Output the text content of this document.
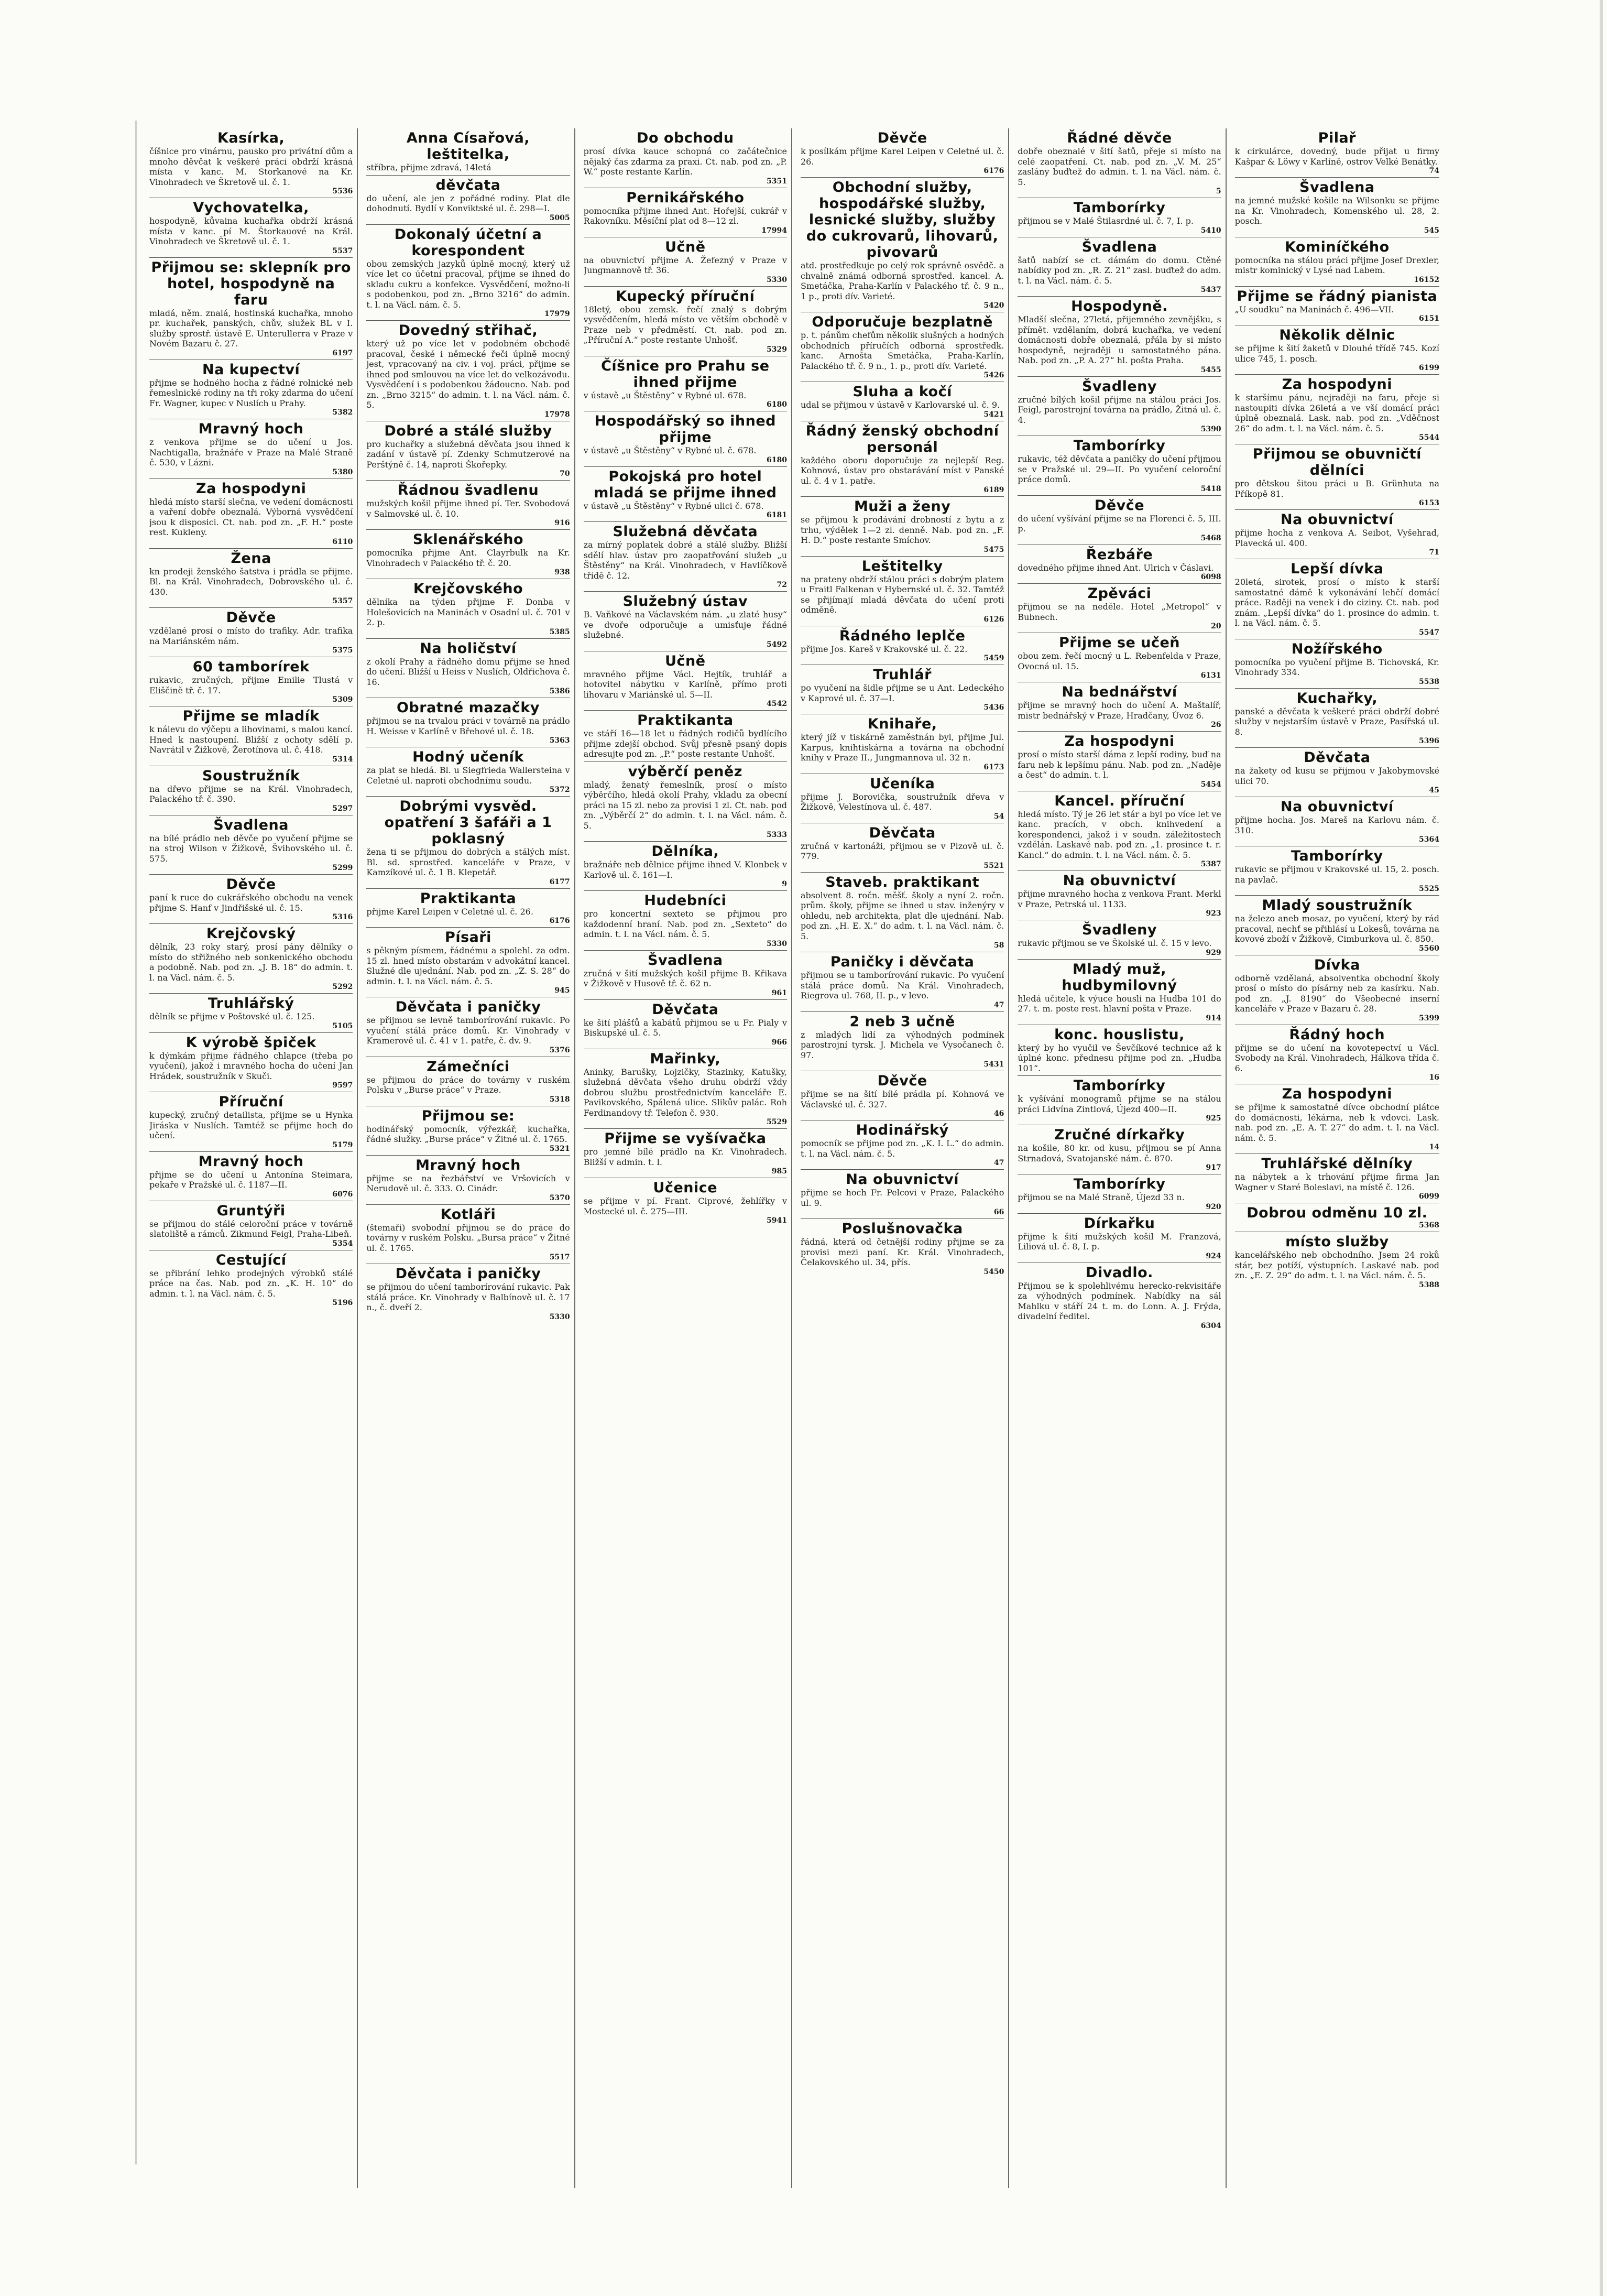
Kasírka,
číšnice pro vinárnu, pausko pro privátní dům a mnoho děvčat k veškeré práci obdrží krásná místa v kanc. M. Storkanové na Kr. Vinohradech ve Škretově ul. č. 1.
5536
Vychovatelka,
hospodyně, kůvaina kuchařka obdrží krásná místa v kanc. pí M. Štorkauové na Král. Vinohradech ve Škretově ul. č. 1.
5537
Přijmou se: sklepník pro hotel, hospodyně na faru
mladá, něm. znalá, hostinská kuchařka, mnoho pr. kuchařek, panských, chův, služek BL v I. služby sprostř. ústavě E. Unterullerra v Praze v Novém Bazaru č. 27.
6197
Na kupectví
přijme se hodného hocha z řádné rolnické neb řemeslnické rodiny na tři roky zdarma do učení Fr. Wagner, kupec v Nuslích u Prahy.
5382
Mravný hoch
z venkova přijme se do učení u Jos. Nachtigalla, bražnáře v Praze na Malé Straně č. 530, v Lázni.
5380
Za hospodyni
hledá místo starší slečna, ve vedení domácnosti a vaření dobře obeznalá. Výborná vysvědčení jsou k disposici. Ct. nab. pod zn. „F. H.“ poste rest. Kukleny.
6110
Žena
kn prodeji ženského šatstva i prádla se přijme. Bl. na Král. Vinohradech, Dobrovského ul. č. 430.
5357
Děvče
vzdělané prosí o místo do trafiky. Adr. trafika na Mariánském nám.
5375
60 tamborírek
rukavic, zručných, přijme Emilie Tlustá v Eliščině tř. č. 17.
5309
Přijme se mladík
k nálevu do výčepu a lihovinami, s malou kancí. Hned k nastoupení. Bližší z ochoty sdělí p. Navrátil v Žižkově, Žerotínova ul. č. 418.
5314
Soustružník
na dřevo přijme se na Král. Vinohradech, Palackého tř. č. 390.
5297
Švadlena
na bílé prádlo neb děvče po vyučení přijme se na stroj Wilson v Žižkově, Švihovského ul. č. 575.
5299
Děvče
paní k ruce do cukrářského obchodu na venek přijme S. Hanf v Jindřišské ul. č. 15.
5316
Krejčovský
dělník, 23 roky starý, prosí pány dělníky o místo do střižného neb sonkenického obchodu a podobně. Nab. pod zn. „J. B. 18“ do admin. t. l. na Václ. nám. č. 5.
5292
Truhlářský
dělník se přijme v Poštovské ul. č. 125.
5105
K výrobě špiček
k dýmkám přijme řádného chlapce (třeba po vyučení), jakož i mravného hocha do učení Jan Hrádek, soustružník v Skuči.
9597
Příruční
kupecký, zručný detailista, přijme se u Hynka Jiráska v Nuslích. Tamtéž se přijme hoch do učení.
5179
Mravný hoch
přijme se do učení u Antonína Steimara, pekaře v Pražské ul. č. 1187—II.
6076
Gruntýři
se přijmou do stálé celoroční práce v továrně slatoliště a rámců. Zikmund Feigl, Praha-Libeň.
5354
Cestující
se přibrání lehko prodejných výrobků stálé práce na čas. Nab. pod zn. „K. H. 10“ do admin. t. l. na Václ. nám. č. 5.
5196
Anna Císařová, leštitelka,
stříbra, přijme zdravá, 14letá
děvčata
do učení, ale jen z pořádné rodiny. Plat dle dohodnutí. Bydlí v Konviktské ul. č. 298—I.
5005
Dokonalý účetní a korespondent
obou zemských jazyků úplně mocný, který už více let co účetní pracoval, přijme se ihned do skladu cukru a konfekce. Vysvědčení, možno-li s podobenkou, pod zn. „Brno 3216“ do admin. t. l. na Václ. nám. č. 5.
17979
Dovedný střihač,
který už po více let v podobném obchodě pracoval, české i německé řeči úplně mocný jest, vpracovaný na civ. i voj. práci, přijme se ihned pod smlouvou na více let do velkozávodu. Vysvědčení i s podobenkou žádoucno. Nab. pod zn. „Brno 3215“ do admin. t. l. na Václ. nám. č. 5.
17978
Dobré a stálé služby
pro kuchařky a služebná děvčata jsou ihned k zadání v ústavě pí. Zdenky Schmutzerové na Perštýně č. 14, naproti Škořepky.
70
Řádnou švadlenu
mužských košil přijme ihned pí. Ter. Svobodová v Salmovské ul. č. 10.
916
Sklenářského
pomocníka přijme Ant. Clayrbulk na Kr. Vinohradech v Palackého tř. č. 20.
938
Krejčovského
dělníka na týden přijme F. Donba v Holešovicích na Maninách v Osadní ul. č. 701 v 2. p.
5385
Na holičství
z okolí Prahy a řádného domu přijme se hned do učení. Bližší u Heiss v Nuslích, Oldřichova č. 16.
5386
Obratné mazačky
přijmou se na trvalou práci v továrně na prádlo H. Weisse v Karlíně v Břehové ul. č. 18.
5363
Hodný učeník
za plat se hledá. Bl. u Siegfrieda Wallersteina v Celetné ul. naproti obchodnímu soudu.
5372
Dobrými vysvěd. opatření 3 šafáři a 1 poklasný
žena ti se přijmou do dobrých a stálých míst. Bl. sd. sprostřed. kanceláře v Praze, v Kamzíkové ul. č. 1 B. Klepetář.
6177
Praktikanta
přijme Karel Leipen v Celetné ul. č. 26.
6176
Písaři
s pěkným písmem, řádnému a spolehl. za odm. 15 zl. hned místo obstarám v advokátní kancel. Služné dle ujednání. Nab. pod zn. „Z. S. 28“ do admin. t. l. na Václ. nám. č. 5.
945
Děvčata i paničky
se přijmou se levně tamborírování rukavic. Po vyučení stálá práce domů. Kr. Vinohrady v Kramerově ul. č. 41 v 1. patře, č. dv. 9.
5376
Zámečníci
se přijmou do práce do továrny v ruském Polsku v „Burse práce“ v Praze.
5318
Přijmou se:
hodinářský pomocník, výřezkář, kuchařka, řádné služky. „Burse práce“ v Žitné ul. č. 1765.
5321
Mravný hoch
přijme se na řezbářství ve Vršovicích v Nerudově ul. č. 333. O. Cinádr.
5370
Kotláři
(štemaři) svobodní přijmou se do práce do továrny v ruském Polsku. „Bursa práce“ v Žitné ul. č. 1765.
5517
Děvčata i paničky
se přijmou do učení tamborírování rukavic. Pak stálá práce. Kr. Vinohrady v Balbínově ul. č. 17 n., č. dveří 2.
5330
Do obchodu
prosí dívka kauce schopná co začátečnice nějaký čas zdarma za praxi. Ct. nab. pod zn. „P. W.“ poste restante Karlín.
5351
Pernikářského
pomocníka přijme ihned Ant. Hořejší, cukrář v Rakovníku. Měsíční plat od 8—12 zl.
17994
Učně
na obuvnictví přijme A. Žefezný v Praze v Jungmannově tř. 36.
5330
Kupecký příruční
18letý, obou zemsk. řečí znalý s dobrým vysvědčením, hledá místo ve větším obchodě v Praze neb v předměstí. Ct. nab. pod zn. „Příruční A.“ poste restante Unhošť.
5329
Číšnice pro Prahu se ihned přijme
v ústavě „u Štěstěny“ v Rybné ul. 678.
6180
Hospodářský so ihned přijme
v ústavě „u Štěstěny“ v Rybné ul. č. 678.
6180
Pokojská pro hotel mladá se přijme ihned
v ústavě „u Štěstěny“ v Rybné ulici č. 678.
6181
Služebná děvčata
za mírný poplatek dobré a stálé služby. Bližší sdělí hlav. ústav pro zaopatřování služeb „u Štěstěny“ na Král. Vinohradech, v Havlíčkově třídě č. 12.
72
Služebný ústav
B. Vaňkové na Václavském nám. „u zlaté husy“ ve dvoře odporučuje a umisťuje řádné služebné.
5492
Učně
mravného přijme Václ. Hejtík, truhlář a hotovitel nábytku v Karlíně, přímo proti lihovaru v Mariánské ul. 5—II.
4542
Praktikanta
ve stáří 16—18 let u řádných rodičů bydlícího přijme zdejší obchod. Svůj přesně psaný dopis adresujte pod zn. „P.“ poste restante Unhošť.
výběrčí peněz
mladý, ženatý řemeslník, prosí o místo výběrčího, hledá okolí Prahy, vkladu za obecní práci na 15 zl. nebo za provisi 1 zl. Ct. nab. pod zn. „Výběrčí 2“ do admin. t. l. na Václ. nám. č. 5.
5333
Dělníka,
bražnáře neb dělnice přijme ihned V. Klonbek v Karlově ul. č. 161—I.
9
Hudebníci
pro koncertní sexteto se přijmou pro každodenní hraní. Nab. pod zn. „Sexteto“ do admin. t. l. na Václ. nám. č. 5.
5330
Švadlena
zručná v šití mužských košil přijme B. Křikava v Žižkově v Husově tř. č. 62 n.
961
Děvčata
ke šití plášťů a kabátů přijmou se u Fr. Pialy v Biskupské ul. č. 5.
966
Mařinky,
Aninky, Barušky, Lojzičky, Stazinky, Katušky, služebná děvčata všeho druhu obdrží vždy dobrou službu prostřednictvím kanceláře E. Pavikovského, Spálená ulice. Slikův palác. Roh Ferdinandovy tř. Telefon č. 930.
5529
Přijme se vyšívačka
pro jemné bílé prádlo na Kr. Vinohradech. Bližší v admin. t. l.
985
Učenice
se přijme v pí. Frant. Ciprové, žehlířky v Mostecké ul. č. 275—III.
5941
Děvče
k posílkám přijme Karel Leipen v Celetné ul. č. 26.
6176
Obchodní služby, hospodářské služby, lesnické služby, služby do cukrovarů, lihovarů, pivovarů
atd. prostředkuje po celý rok správně osvědč. a chvalně známá odborná sprostřed. kancel. A. Smetáčka, Praha-Karlín v Palackého tř. č. 9 n., 1 p., proti dív. Varieté.
5420
Odporučuje bezplatně
p. t. pánům chefům několik slušných a hodných obchodních příručích odborná sprostředk. kanc. Arnošta Smetáčka, Praha-Karlín, Palackého tř. č. 9 n., 1. p., proti dív. Varieté.
5426
Sluha a kočí
udal se přijmou v ústavě v Karlovarské ul. č. 9.
5421
Řádný ženský obchodní personál
každého oboru doporučuje za nejlepší Reg. Kohnová, ústav pro obstarávání míst v Panské ul. č. 4 v 1. patře.
6189
Muži a ženy
se přijmou k prodávání drobností z bytu a z trhu, výdělek 1—2 zl. denně. Nab. pod zn. „F. H. D.“ poste restante Smíchov.
5475
Leštitelky
na prateny obdrží stálou práci s dobrým platem u Fraitl Falkenan v Hybernské ul. č. 32. Tamtéž se přijímají mladá děvčata do učení proti odměně.
6126
Řádného leplče
přijme Jos. Kareš v Krakovské ul. č. 22.
5459
Truhlář
po vyučení na šidle přijme se u Ant. Ledeckého v Kaprové ul. č. 37—I.
5436
Knihaře,
který jíž v tiskárně zaměstnán byl, přijme Jul. Karpus, knihtiskárna a továrna na obchodní knihy v Praze II., Jungmannova ul. 32 n.
6173
Učeníka
přijme J. Borovička, soustružník dřeva v Žižkově, Velestínova ul. č. 487.
54
Děvčata
zručná v kartonáži, přijmou se v Plzově ul. č. 779.
5521
Staveb. praktikant
absolvent 8. ročn. měšť. školy a nyní 2. ročn. prům. školy, přijme se ihned u stav. inženýry v ohledu, neb architekta, plat dle ujednání. Nab. pod zn. „H. E. X.“ do adm. t. l. na Václ. nám. č. 5.
58
Paničky i děvčata
přijmou se u tamborírování rukavic. Po vyučení stálá práce domů. Na Král. Vinohradech, Riegrova ul. 768, II. p., v levo.
47
2 neb 3 učně
z mladých lidí za výhodných podmínek parostrojní tyrsk. J. Michela ve Vysočanech č. 97.
5431
Děvče
přijme se na šití bílé prádla pí. Kohnová ve Václavské ul. č. 327.
46
Hodinářský
pomocník se přijme pod zn. „K. I. L.“ do admin. t. l. na Václ. nám. č. 5.
47
Na obuvnictví
přijme se hoch Fr. Pelcovi v Praze, Palackého ul. 9.
66
Poslušnovačka
řádná, která od četnější rodiny přijme se za provisi mezi paní. Kr. Král. Vinohradech, Čelakovského ul. 34, přís.
5450
Řádné děvče
dobře obeznalé v šití šatů, přeje si místo na celé zaopatření. Ct. nab. pod zn. „V. M. 25“ zaslány buďtež do admin. t. l. na Václ. nám. č. 5.
5
Tamborírky
přijmou se v Malé Štilasrdné ul. č. 7, I. p.
5410
Švadlena
šatů nabízí se ct. dámám do domu. Ctěné nabídky pod zn. „R. Z. 21“ zasl. buďtež do adm. t. l. na Václ. nám. č. 5.
5437
Hospodyně.
Mladší slečna, 27letá, přijemného zevnějšku, s přímět. vzdělaním, dobrá kuchařka, ve vedení domácnosti dobře obeznalá, přála by si místo hospodyně, nejraději u samostatného pána. Nab. pod zn. „P. A. 27“ hl. pošta Praha.
5455
Švadleny
zručné bílých košil přijme na stálou práci Jos. Feigl, parostrojní továrna na prádlo, Žitná ul. č. 4.
5390
Tamborírky
rukavic, též děvčata a paničky do učení přijmou se v Pražské ul. 29—II. Po vyučení celoroční práce domů.
5418
Děvče
do učení vyšívání přijme se na Florenci č. 5, III. p.
5468
Řezbáře
dovedného přijme ihned Ant. Ulrich v Čáslavi.
6098
Zpěváci
přijmou se na neděle. Hotel „Metropol“ v Bubnech.
20
Přijme se učeň
obou zem. řečí mocný u L. Rebenfelda v Praze, Ovocná ul. 15.
6131
Na bednářství
přijme se mravný hoch do učení A. Maštalíř, mistr bednářský v Praze, Hradčany, Úvoz 6.
26
Za hospodyni
prosí o místo starší dáma z lepší rodiny, buď na faru neb k lepšímu pánu. Nab. pod zn. „Naděje a čest“ do admin. t. l.
5454
Kancel. příruční
hledá místo. Tý je 26 let stár a byl po více let ve kanc. pracích, v obch. knihvedení a korespondenci, jakož i v soudn. záležitostech vzdělán. Laskavé nab. pod zn. „1. prosince t. r. Kancl.“ do admin. t. l. na Václ. nám. č. 5.
5387
Na obuvnictví
přijme mravného hocha z venkova Frant. Merkl v Praze, Petrská ul. 1133.
923
Švadleny
rukavic přijmou se ve Školské ul. č. 15 v levo.
929
Mladý muž, hudbymilovný
hledá učitele, k výuce housli na Hudba 101 do 27. t. m. poste rest. hlavní pošta v Praze.
914
konc. houslistu,
který by ho vyučil ve Ševčíkové technice až k úplné konc. přednesu přijme pod zn. „Hudba 101“.
Tamborírky
k vyšívání monogramů přijme se na stálou práci Lidvína Zintlová, Újezd 400—II.
925
Zručné dírkařky
na košile, 80 kr. od kusu, přijmou se pí Anna Strnadová, Svatojanské nám. č. 870.
917
Tamborírky
přijmou se na Malé Straně, Újezd 33 n.
920
Dírkařku
přijme k šití mužských košil M. Franzová, Liliová ul. č. 8, I. p.
924
Divadlo.
Přijmou se k spolehlivému herecko-rekvisitáře za výhodných podmínek. Nabídky na sál Mahlku v stáří 24 t. m. do Lonn. A. J. Frýda, divadelní ředitel.
6304
Pilař
k cirkulárce, dovedný, bude přijat u firmy Kašpar & Löwy v Karlíně, ostrov Velké Benátky.
74
Švadlena
na jemné mužské košile na Wilsonku se přijme na Kr. Vinohradech, Komenského ul. 28, 2. posch.
545
Kominíčkého
pomocníka na stálou práci přijme Josef Drexler, mistr kominický v Lysé nad Labem.
16152
Přijme se řádný pianista
„U soudku“ na Maninách č. 496—VII.
6151
Několik dělnic
se přijme k šití žaketů v Dlouhé třídě 745. Kozí ulice 745, 1. posch.
6199
Za hospodyni
k staršímu pánu, nejraději na faru, přeje si nastoupiti dívka 26letá a ve vší domácí práci úplně obeznalá. Lask. nab. pod zn. „Vděčnost 26“ do adm. t. l. na Václ. nám. č. 5.
5544
Přijmou se obuvničtí dělníci
pro dětskou šitou práci u B. Grünhuta na Příkopě 81.
6153
Na obuvnictví
přijme hocha z venkova A. Seibot, Vyšehrad, Plavecká ul. 400.
71
Lepší dívka
20letá, sirotek, prosí o místo k starší samostatné dámě k vykonávání lehčí domácí práce. Raději na venek i do ciziny. Ct. nab. pod znám. „Lepší dívka“ do 1. prosince do admin. t. l. na Václ. nám. č. 5.
5547
Nožířského
pomocníka po vyučení přijme B. Tichovská, Kr. Vinohrady 334.
5538
Kuchařky,
panské a děvčata k veškeré práci obdrží dobré služby v nejstarším ústavě v Praze, Pasířská ul. 8.
5396
Děvčata
na žakety od kusu se přijmou v Jakobymovské ulici 70.
45
Na obuvnictví
přijme hocha. Jos. Mareš na Karlovu nám. č. 310.
5364
Tamborírky
rukavic se přijmou v Krakovské ul. 15, 2. posch. na pavlač.
5525
Mladý soustružník
na železo aneb mosaz, po vyučení, který by rád pracoval, nechť se přihlásí u Lokesů, továrna na kovové zboží v Žižkově, Cimburkova ul. č. 850.
5560
Dívka
odborně vzdělaná, absolventka obchodní školy prosí o místo do písárny neb za kasírku. Nab. pod zn. „J. 8190“ do Všeobecné inserní kanceláře v Praze v Bazaru č. 28.
5399
Řádný hoch
přijme se do učení na kovotepectví u Václ. Svobody na Král. Vinohradech, Hálkova třída č. 6.
16
Za hospodyni
se přijme k samostatné dívce obchodní plátce do domácnosti, lékárna, neb k vdovci. Lask. nab. pod zn. „E. A. T. 27“ do adm. t. l. na Václ. nám. č. 5.
14
Truhlářské dělníky
na nábytek a k trhování přijme firma Jan Wagner v Staré Boleslavi, na místě č. 126.
6099
Dobrou odměnu 10 zl.
5368
místo služby
kancelářského neb obchodního. Jsem 24 roků stár, bez potíží, výstupních. Laskavé nab. pod zn. „E. Z. 29“ do adm. t. l. na Václ. nám. č. 5.
5388
